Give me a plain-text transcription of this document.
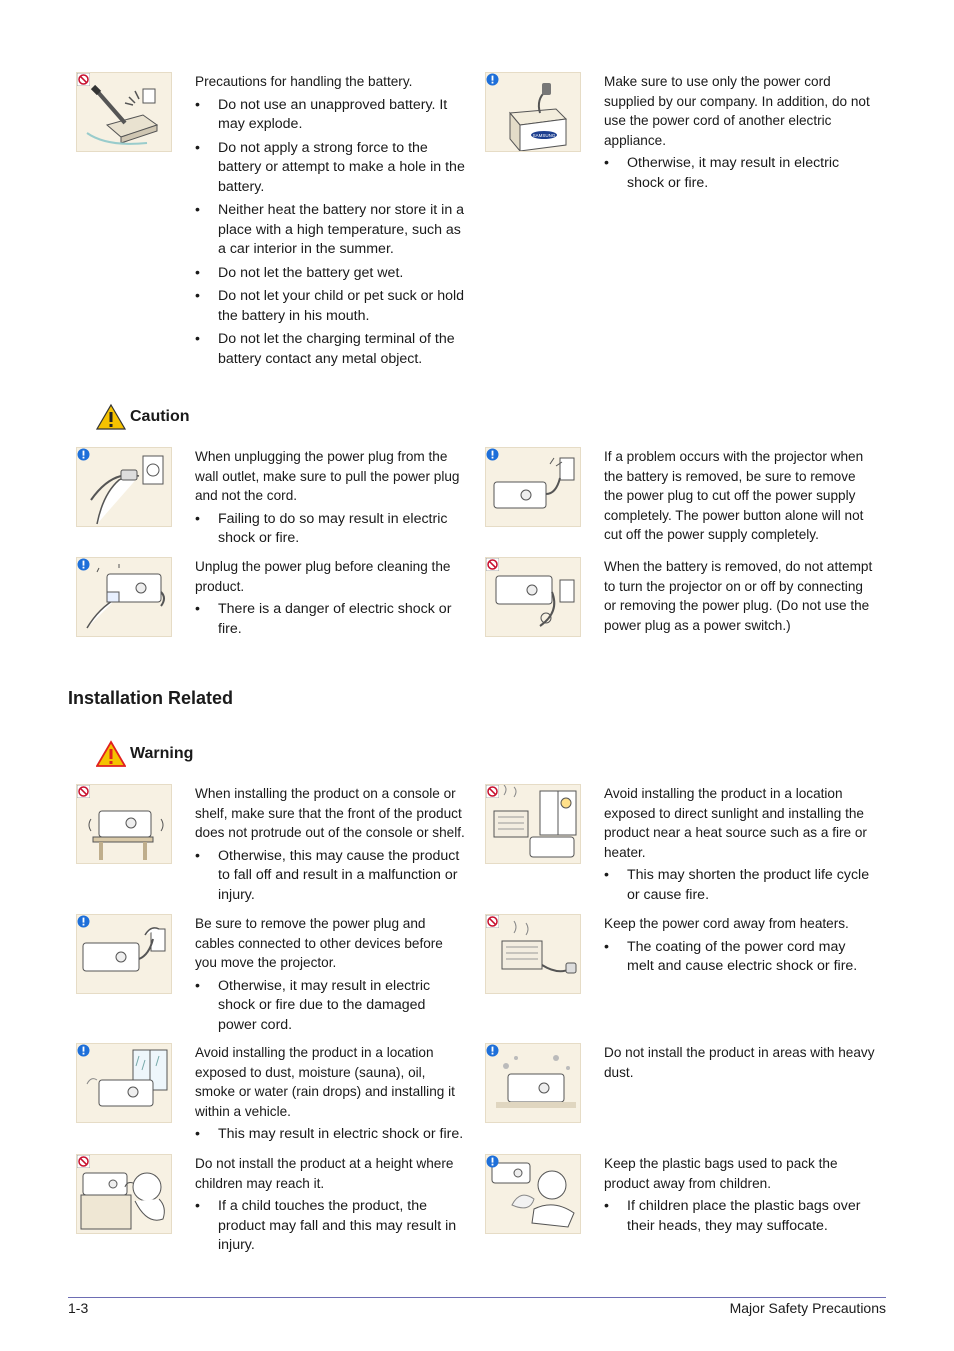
Precautions for handling the battery.

• Do not use an unapproved battery. It may explode.
• Do not apply a strong force to the battery or attempt to make a hole in the battery.
• Neither heat the battery nor store it in a place with a high temperature, such as a car interior in the summer.
• Do not let the battery get wet.
• Do not let your child or pet suck or hold the battery in his mouth.
• Do not let the charging terminal of the battery contact any metal object.
SAMSUNG

Make sure to use only the power cord supplied by our company. In addition, do not use the power cord of another electric appliance.

• Otherwise, it may result in electric shock or fire.
Caution

When unplugging the power plug from the wall outlet, make sure to pull the power plug and not the cord.

• Failing to do so may result in electric shock or fire.

If a problem occurs with the projector when the battery is removed, be sure to remove the power plug to cut off the power supply completely. The power button alone will not cut off the power supply completely.

Unplug the power plug before cleaning the product.

• There is a danger of electric shock or fire.

When the battery is removed, do not attempt to turn the projector on or off by connecting or removing the power plug. (Do not use the power plug as a power switch.)

Installation Related
Warning

When installing the product on a console or shelf, make sure that the front of the product does not protrude out of the console or shelf.

• Otherwise, this may cause the product to fall off and result in a malfunction or injury.

Avoid installing the product in a location exposed to direct sunlight and installing the product near a heat source such as a fire or heater.

• This may shorten the product life cycle or cause fire.

Be sure to remove the power plug and cables connected to other devices before you move the projector.

• Otherwise, it may result in electric shock or fire due to the damaged power cord.

Keep the power cord away from heaters.

• The coating of the power cord may melt and cause electric shock or fire.

Avoid installing the product in a location exposed to dust, moisture (sauna), oil, smoke or water (rain drops) and installing it within a vehicle.

• This may result in electric shock or fire.

Do not install the product in areas with heavy dust.

Do not install the product at a height where children may reach it.

• If a child touches the product, the product may fall and this may result in injury.

Keep the plastic bags used to pack the product away from children.

• If children place the plastic bags over their heads, they may suffocate.
1-3	Major Safety Precautions
